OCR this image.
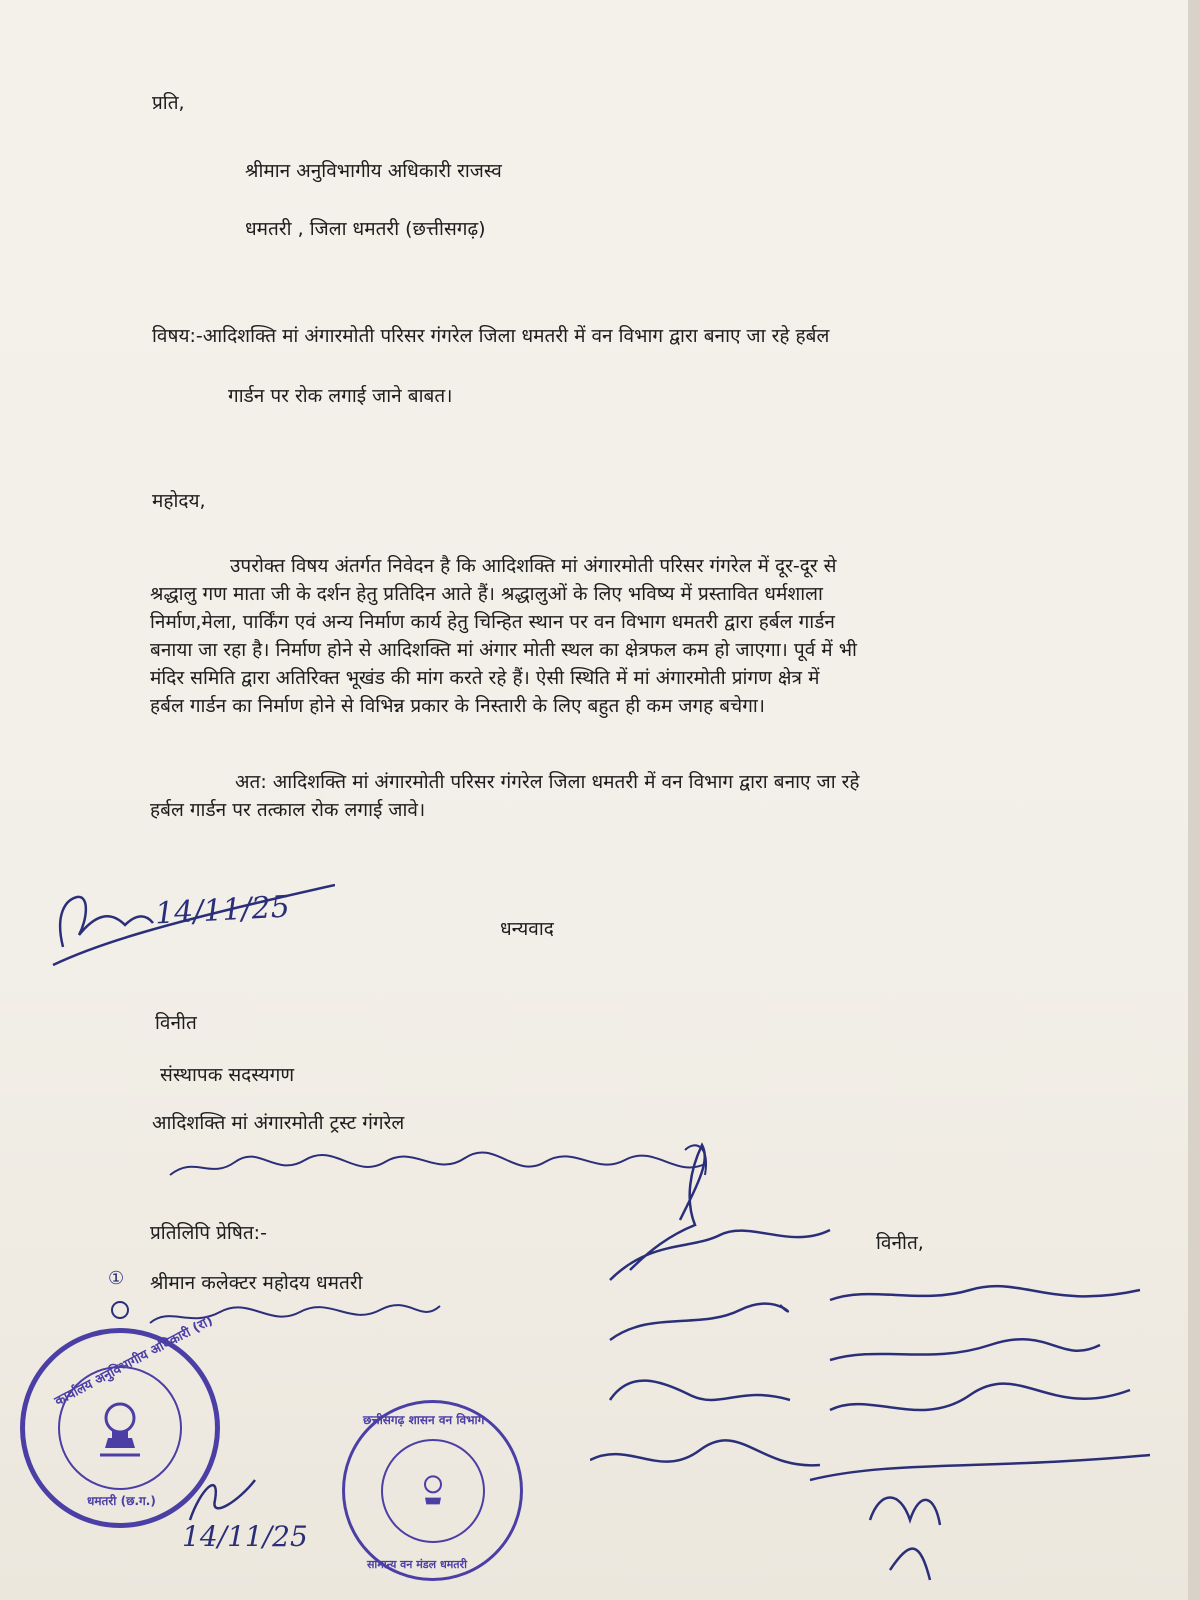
प्रति,
श्रीमान अनुविभागीय अधिकारी राजस्व
धमतरी , जिला धमतरी (छत्तीसगढ़)
विषय:-आदिशक्ति मां अंगारमोती परिसर गंगरेल जिला धमतरी में वन विभाग द्वारा बनाए जा रहे हर्बल
गार्डन पर रोक लगाई जाने बाबत।
महोदय,
उपरोक्त विषय अंतर्गत निवेदन है कि आदिशक्ति मां अंगारमोती परिसर गंगरेल में दूर-दूर से
श्रद्धालु गण माता जी के दर्शन हेतु प्रतिदिन आते हैं। श्रद्धालुओं के लिए भविष्य में प्रस्तावित धर्मशाला
निर्माण,मेला, पार्किंग एवं अन्य निर्माण कार्य हेतु चिन्हित स्थान पर वन विभाग धमतरी द्वारा हर्बल गार्डन
बनाया जा रहा है। निर्माण होने से आदिशक्ति मां अंगार मोती स्थल का क्षेत्रफल कम हो जाएगा। पूर्व में भी
मंदिर समिति द्वारा अतिरिक्त भूखंड की मांग करते रहे हैं। ऐसी स्थिति में मां अंगारमोती प्रांगण क्षेत्र में
हर्बल गार्डन का निर्माण होने से विभिन्न प्रकार के निस्तारी के लिए बहुत ही कम जगह बचेगा।
अत: आदिशक्ति मां अंगारमोती परिसर गंगरेल जिला धमतरी में वन विभाग द्वारा बनाए जा रहे
हर्बल गार्डन पर तत्काल रोक लगाई जावे।
14/11/25	धन्यवाद
विनीत
संस्थापक सदस्यगण
आदिशक्ति मां अंगारमोती ट्रस्ट गंगरेल
प्रतिलिपि प्रेषित:-
① श्रीमान कलेक्टर महोदय धमतरी
विनीत,
कार्यालय अनुविभागीय अधिकारी (रा)
धमतरी (छ.ग.)
छत्तीसगढ़ शासन वन विभाग
सामान्य वन मंडल धमतरी
14/11/25
